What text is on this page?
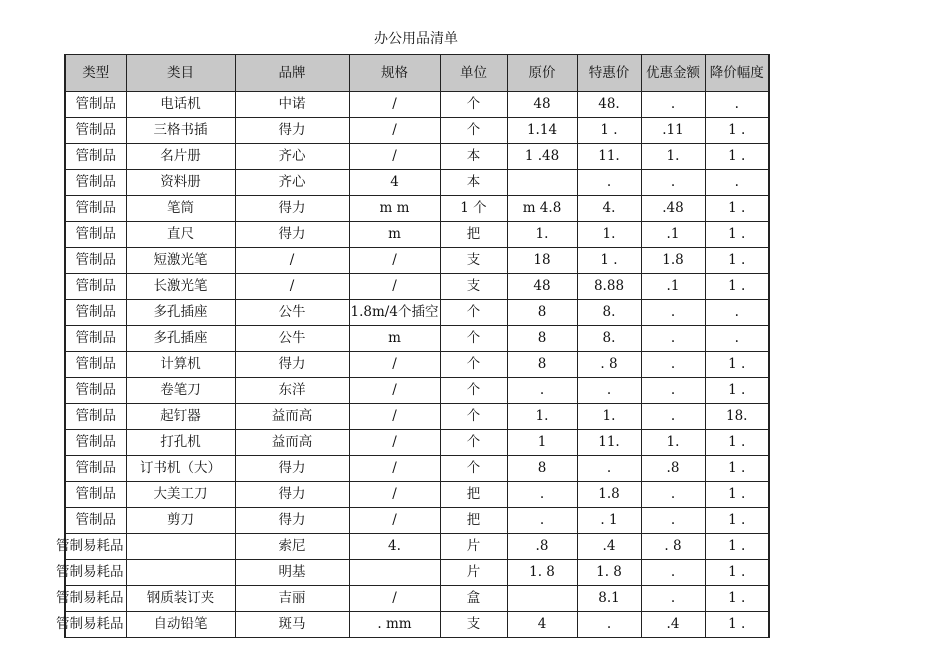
办公用品清单
类型	类目	品牌	规格	单位	原价	特惠价	优惠金额	降价幅度
管制品	电话机	中诺	/	个	48	48.	.	.
管制品	三格书插	得力	/	个	1.14	1 .	.11	1 .
管制品	名片册	齐心	/	本	1 .48	11.	1.	1 .
管制品	资料册	齐心	4	本		.	.	.
管制品	笔筒	得力	m m	1 个	m 4.8	4.	.48	1 .
管制品	直尺	得力	m	把	1.	1.	.1	1 .
管制品	短激光笔	/	/	支	18	1 .	1.8	1 .
管制品	长激光笔	/	/	支	48	8.88	.1	1 .
管制品	多孔插座	公牛	1.8m/4个插空	个	8	8.	.	.
管制品	多孔插座	公牛	m	个	8	8.	.	.
管制品	计算机	得力	/	个	8	. 8	.	1 .
管制品	卷笔刀	东洋	/	个	.	.	.	1 .
管制品	起钉器	益而高	/	个	1.	1.	.	18.
管制品	打孔机	益而高	/	个	1	11.	1.	1 .
管制品	订书机（大）	得力	/	个	8	.	.8	1 .
管制品	大美工刀	得力	/	把	.	1.8	.	1 .
管制品	剪刀	得力	/	把	.	. 1	.	1 .

管制易耗品		索尼	4.	片	.8	.4	. 8	1 .

管制易耗品		明基		片	1. 8	1. 8	.	1 .

管制易耗品	钢质装订夹	吉丽	/	盒		8.1	.	1 .

管制易耗品	自动铅笔	斑马	. mm	支	4	.	.4	1 .
